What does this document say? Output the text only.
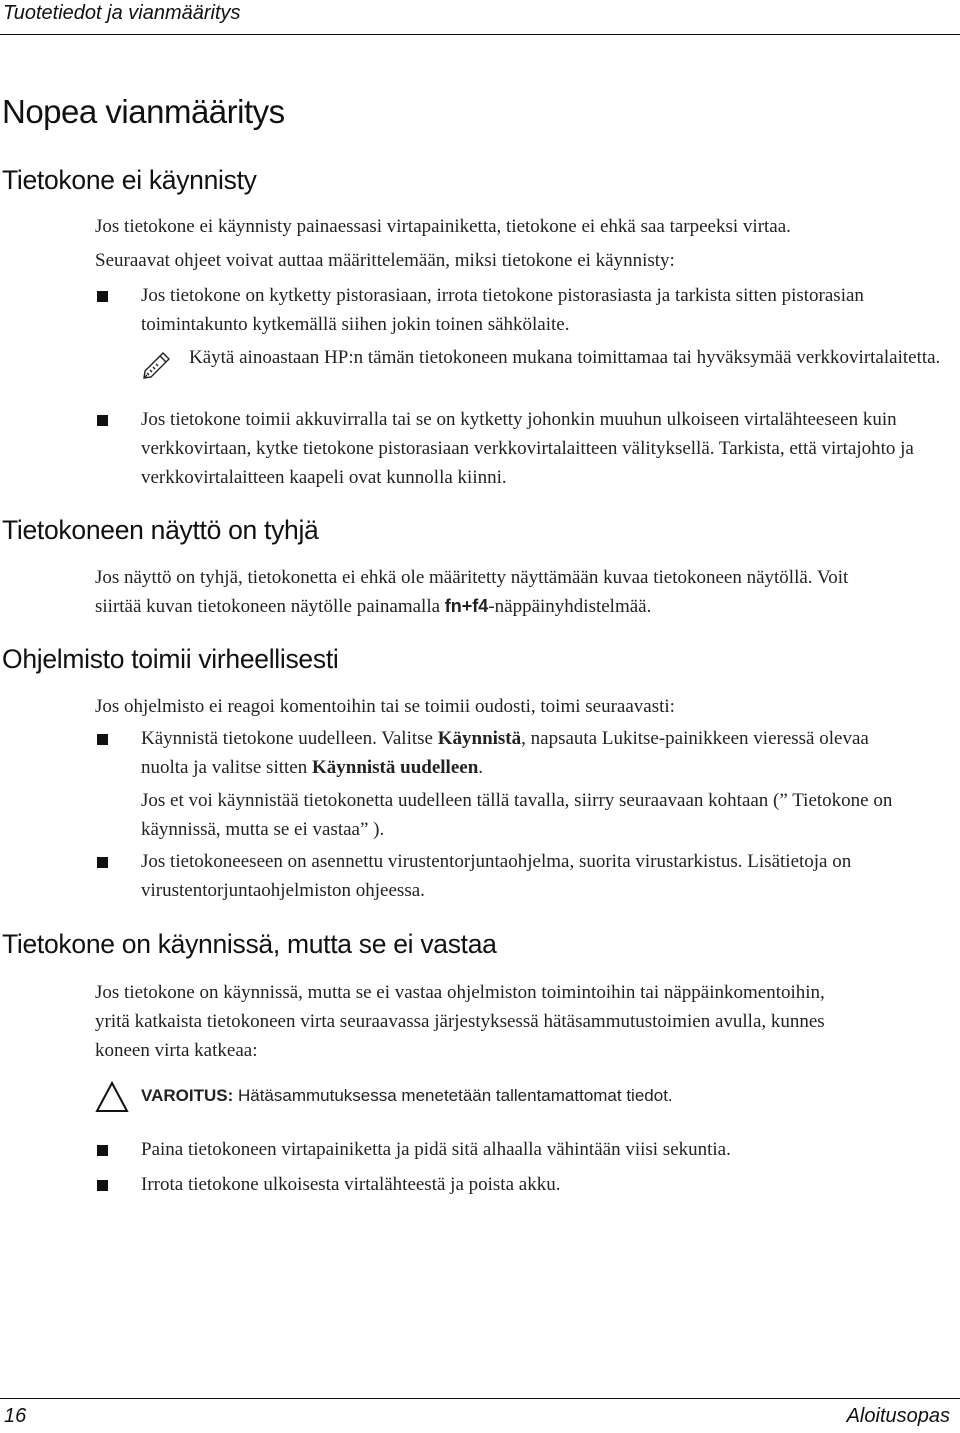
Tuotetiedot ja vianmääritys
Nopea vianmääritys
Tietokone ei käynnisty

Jos tietokone ei käynnisty painaessasi virtapainiketta, tietokone ei ehkä saa tarpeeksi virtaa.

Seuraavat ohjeet voivat auttaa määrittelemään, miksi tietokone ei käynnisty:

Jos tietokone on kytketty pistorasiaan, irrota tietokone pistorasiasta ja tarkista sitten pistorasian toimintakunto kytkemällä siihen jokin toinen sähkölaite.

Käytä ainoastaan HP:n tämän tietokoneen mukana toimittamaa tai hyväksymää verkkovirtalaitetta.

Jos tietokone toimii akkuvirralla tai se on kytketty johonkin muuhun ulkoiseen virtalähteeseen kuin verkkovirtaan, kytke tietokone pistorasiaan verkkovirtalaitteen välityksellä. Tarkista, että virtajohto ja verkkovirtalaitteen kaapeli ovat kunnolla kiinni.

Tietokoneen näyttö on tyhjä

Jos näyttö on tyhjä, tietokonetta ei ehkä ole määritetty näyttämään kuvaa tietokoneen näytöllä. Voit siirtää kuvan tietokoneen näytölle painamalla fn+f4-näppäinyhdistelmää.

Ohjelmisto toimii virheellisesti

Jos ohjelmisto ei reagoi komentoihin tai se toimii oudosti, toimi seuraavasti:

Käynnistä tietokone uudelleen. Valitse Käynnistä, napsauta Lukitse-painikkeen vieressä olevaa nuolta ja valitse sitten Käynnistä uudelleen.

Jos et voi käynnistää tietokonetta uudelleen tällä tavalla, siirry seuraavaan kohtaan (” Tietokone on käynnissä, mutta se ei vastaa” ).

Jos tietokoneeseen on asennettu virustentorjuntaohjelma, suorita virustarkistus. Lisätietoja on virustentorjuntaohjelmiston ohjeessa.

Tietokone on käynnissä, mutta se ei vastaa

Jos tietokone on käynnissä, mutta se ei vastaa ohjelmiston toimintoihin tai näppäinkomentoihin, yritä katkaista tietokoneen virta seuraavassa järjestyksessä hätäsammutustoimien avulla, kunnes koneen virta katkeaa:

VAROITUS: Hätäsammutuksessa menetetään tallentamattomat tiedot.

Paina tietokoneen virtapainiketta ja pidä sitä alhaalla vähintään viisi sekuntia.

Irrota tietokone ulkoisesta virtalähteestä ja poista akku.

16	Aloitusopas
